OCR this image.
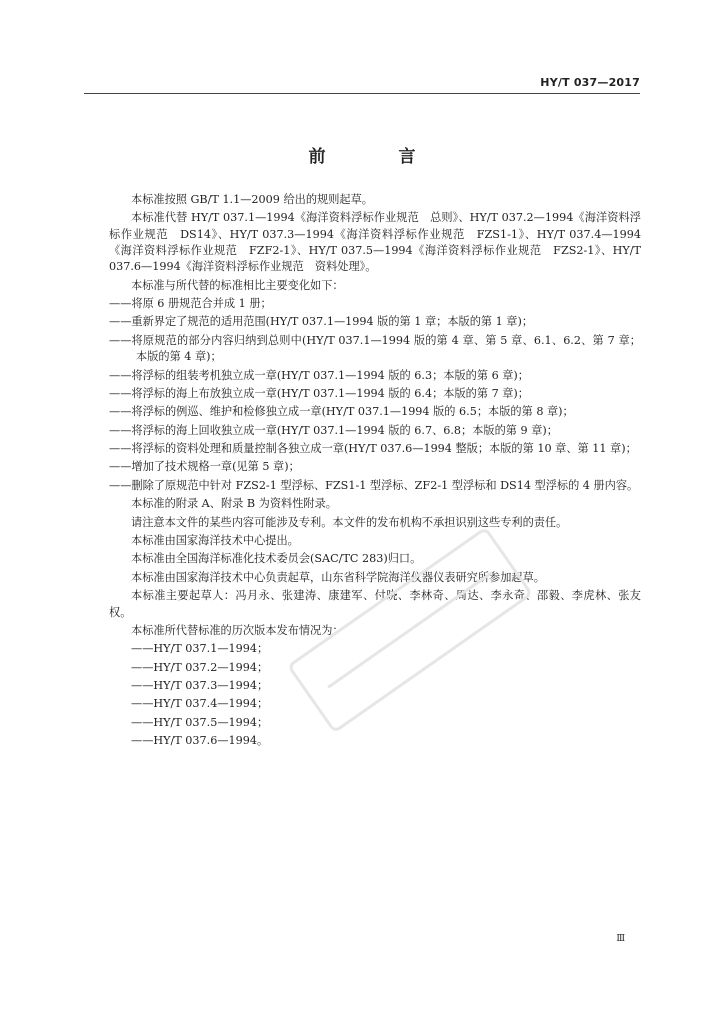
HY/T 037—2017
前　言
本标准按照 GB/T 1.1—2009 给出的规则起草。
本标准代替 HY/T 037.1—1994《海洋资料浮标作业规范　总则》、HY/T 037.2—1994《海洋资料浮标作业规范　DS14》、HY/T 037.3—1994《海洋资料浮标作业规范　FZS1-1》、HY/T 037.4—1994《海洋资料浮标作业规范　FZF2-1》、HY/T 037.5—1994《海洋资料浮标作业规范　FZS2-1》、HY/T 037.6—1994《海洋资料浮标作业规范　资料处理》。
本标准与所代替的标准相比主要变化如下：
——将原 6 册规范合并成 1 册；
——重新界定了规范的适用范围(HY/T 037.1—1994 版的第 1 章；本版的第 1 章)；
——将原规范的部分内容归纳到总则中(HY/T 037.1—1994 版的第 4 章、第 5 章、6.1、6.2、第 7 章；本版的第 4 章)；
——将浮标的组装考机独立成一章(HY/T 037.1—1994 版的 6.3；本版的第 6 章)；
——将浮标的海上布放独立成一章(HY/T 037.1—1994 版的 6.4；本版的第 7 章)；
——将浮标的例巡、维护和检修独立成一章(HY/T 037.1—1994 版的 6.5；本版的第 8 章)；
——将浮标的海上回收独立成一章(HY/T 037.1—1994 版的 6.7、6.8；本版的第 9 章)；
——将浮标的资料处理和质量控制各独立成一章(HY/T 037.6—1994 整版；本版的第 10 章、第 11 章)；
——增加了技术规格一章(见第 5 章)；
——删除了原规范中针对 FZS2-1 型浮标、FZS1-1 型浮标、ZF2-1 型浮标和 DS14 型浮标的 4 册内容。
本标准的附录 A、附录 B 为资料性附录。
请注意本文件的某些内容可能涉及专利。本文件的发布机构不承担识别这些专利的责任。
本标准由国家海洋技术中心提出。
本标准由全国海洋标准化技术委员会(SAC/TC 283)归口。
本标准由国家海洋技术中心负责起草，山东省科学院海洋仪器仪表研究所参加起草。
本标准主要起草人：冯月永、张建涛、康建军、付晓、李林奇、周达、李永奇、邵毅、李虎林、张友权。
本标准所代替标准的历次版本发布情况为：
——HY/T 037.1—1994；
——HY/T 037.2—1994；
——HY/T 037.3—1994；
——HY/T 037.4—1994；
——HY/T 037.5—1994；
——HY/T 037.6—1994。
Ⅲ
